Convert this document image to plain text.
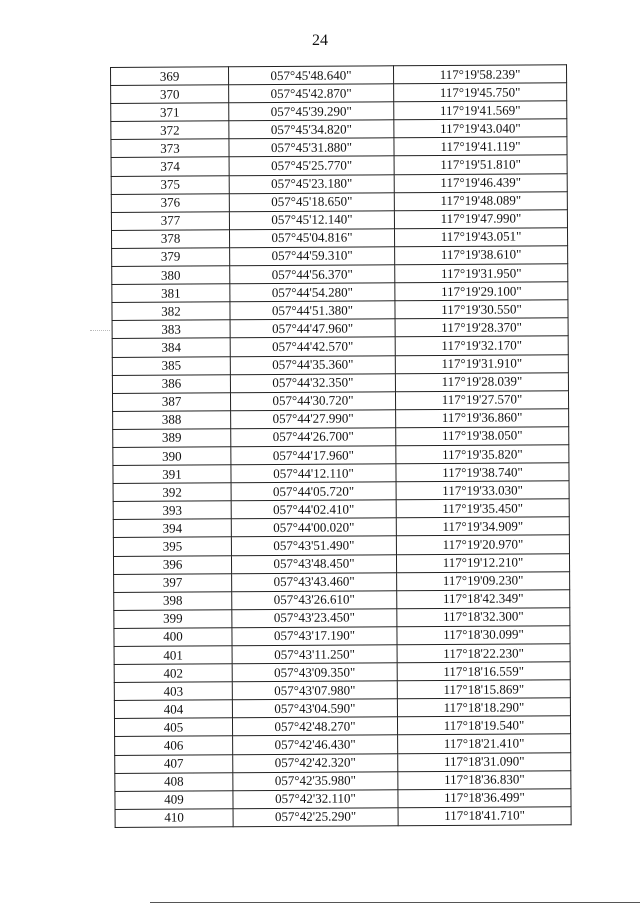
24
369	057°45'48.640"	117°19'58.239"
370	057°45'42.870"	117°19'45.750"
371	057°45'39.290"	117°19'41.569"
372	057°45'34.820"	117°19'43.040"
373	057°45'31.880"	117°19'41.119"
374	057°45'25.770"	117°19'51.810"
375	057°45'23.180"	117°19'46.439"
376	057°45'18.650"	117°19'48.089"
377	057°45'12.140"	117°19'47.990"
378	057°45'04.816"	117°19'43.051"
379	057°44'59.310"	117°19'38.610"
380	057°44'56.370"	117°19'31.950"
381	057°44'54.280"	117°19'29.100"
382	057°44'51.380"	117°19'30.550"
383	057°44'47.960"	117°19'28.370"
384	057°44'42.570"	117°19'32.170"
385	057°44'35.360"	117°19'31.910"
386	057°44'32.350"	117°19'28.039"
387	057°44'30.720"	117°19'27.570"
388	057°44'27.990"	117°19'36.860"
389	057°44'26.700"	117°19'38.050"
390	057°44'17.960"	117°19'35.820"
391	057°44'12.110"	117°19'38.740"
392	057°44'05.720"	117°19'33.030"
393	057°44'02.410"	117°19'35.450"
394	057°44'00.020"	117°19'34.909"
395	057°43'51.490"	117°19'20.970"
396	057°43'48.450"	117°19'12.210"
397	057°43'43.460"	117°19'09.230"
398	057°43'26.610"	117°18'42.349"
399	057°43'23.450"	117°18'32.300"
400	057°43'17.190"	117°18'30.099"
401	057°43'11.250"	117°18'22.230"
402	057°43'09.350"	117°18'16.559"
403	057°43'07.980"	117°18'15.869"
404	057°43'04.590"	117°18'18.290"
405	057°42'48.270"	117°18'19.540"
406	057°42'46.430"	117°18'21.410"
407	057°42'42.320"	117°18'31.090"
408	057°42'35.980"	117°18'36.830"
409	057°42'32.110"	117°18'36.499"
410	057°42'25.290"	117°18'41.710"
